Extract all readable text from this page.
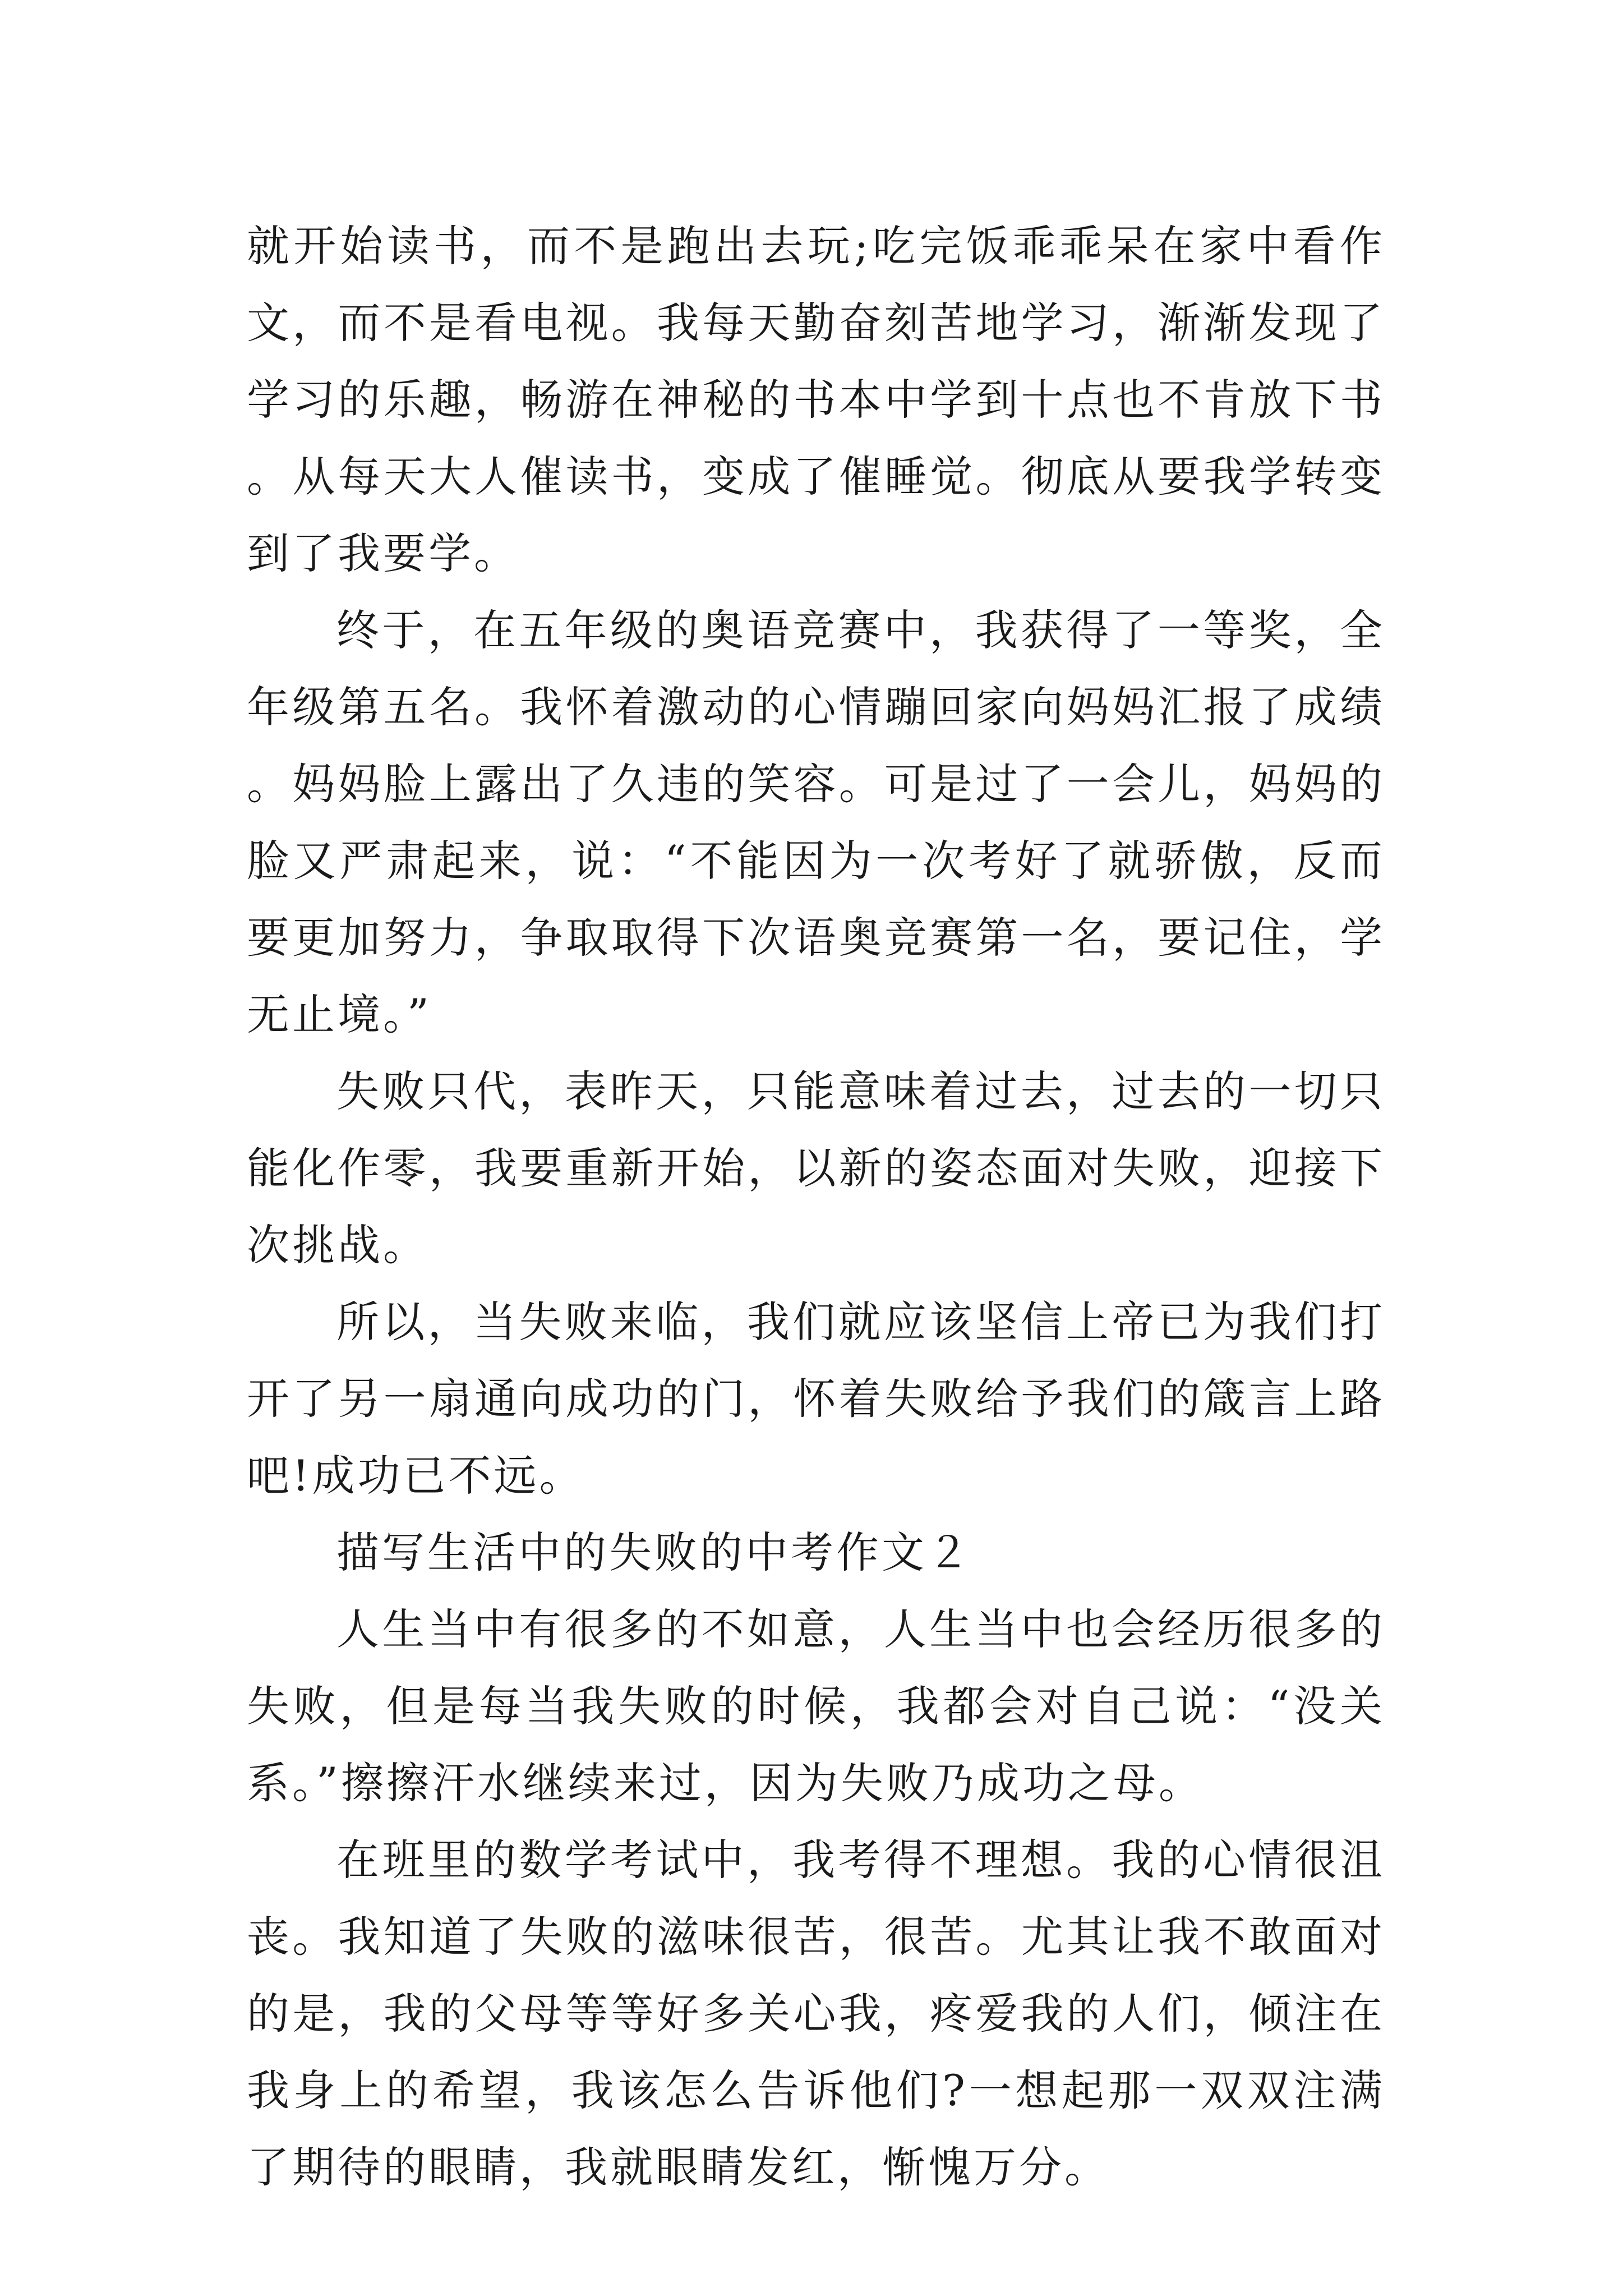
就开始读书，而不是跑出去玩;吃完饭乖乖呆在家中看作文，而不是看电视。我每天勤奋刻苦地学习，渐渐发现了学习的乐趣，畅游在神秘的书本中学到十点也不肯放下书。从每天大人催读书，变成了催睡觉。彻底从要我学转变到了我要学。

终于，在五年级的奥语竞赛中，我获得了一等奖，全年级第五名。我怀着激动的心情蹦回家向妈妈汇报了成绩。妈妈脸上露出了久违的笑容。可是过了一会儿，妈妈的脸又严肃起来，说：“不能因为一次考好了就骄傲，反而要更加努力，争取取得下次语奥竞赛第一名，要记住，学无止境。”

失败只代，表昨天，只能意味着过去，过去的一切只能化作零，我要重新开始，以新的姿态面对失败，迎接下次挑战。

所以，当失败来临，我们就应该坚信上帝已为我们打开了另一扇通向成功的门，怀着失败给予我们的箴言上路吧!成功已不远。

描写生活中的失败的中考作文２

人生当中有很多的不如意，人生当中也会经历很多的失败，但是每当我失败的时候，我都会对自己说：“没关系。”擦擦汗水继续来过，因为失败乃成功之母。

在班里的数学考试中，我考得不理想。我的心情很沮丧。我知道了失败的滋味很苦，很苦。尤其让我不敢面对的是，我的父母等等好多关心我，疼爱我的人们，倾注在我身上的希望，我该怎么告诉他们?一想起那一双双注满了期待的眼睛，我就眼睛发红，惭愧万分。
